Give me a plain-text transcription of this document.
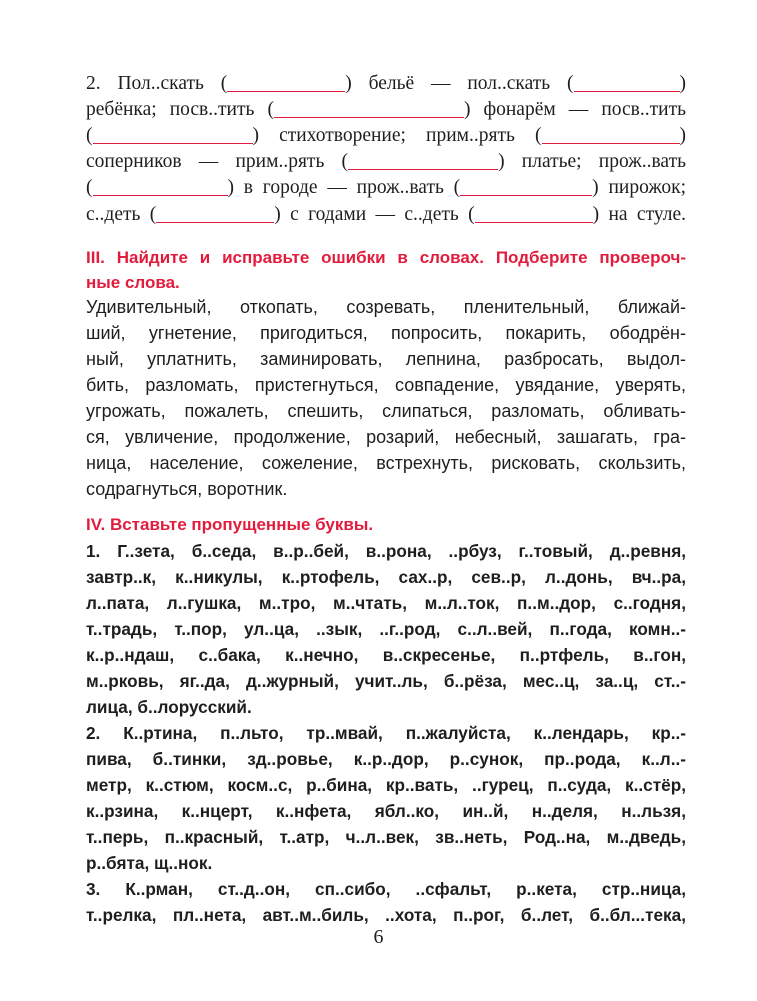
2. Пол..скать (	) бельё — пол..скать (	)
ребёнка; посв..тить (	) фонарём — посв..тить
(	) стихотворение; прим..рять (	)
соперников — прим..рять (	) платье; прож..вать
(	) в городе — прож..вать (	) пирожок;
с..деть (	) с годами — с..деть (	) на стуле.
III. Найдите и исправьте ошибки в словах. Подберите провероч-
ные слова.
Удивительный, откопать, созревать, пленительный, ближай-
ший, угнетение, пригодиться, попросить, покарить, ободрён-
ный, уплатнить, заминировать, лепнина, разбросать, выдол-
бить, разломать, пристегнуться, совпадение, увядание, уверять,
угрожать, пожалеть, спешить, слипаться, разломать, обливать-
ся, увличение, продолжение, розарий, небесный, зашагать, гра-
ница, население, сожеление, встрехнуть, рисковать, скользить,
содрагнуться, воротник.
IV. Вставьте пропущенные буквы.
1. Г..зета, б..седа, в..р..бей, в..рона, ..рбуз, г..товый, д..ревня,
завтр..к, к..никулы, к..ртофель, сах..р, сев..р, л..донь, вч..ра,
л..пата, л..гушка, м..тро, м..чтать, м..л..ток, п..м..дор, с..годня,
т..традь, т..пор, ул..ца, ..зык, ..г..род, с..л..вей, п..года, комн..-
к..р..ндаш, с..бака, к..нечно, в..скресенье, п..ртфель, в..гон,
м..рковь, яг..да, д..журный, учит..ль, б..рёза, мес..ц, за..ц, ст..-
лица, б..лорусский.
2. К..ртина, п..льто, тр..мвай, п..жалуйста, к..лендарь, кр..-
пива, б..тинки, зд..ровье, к..р..дор, р..сунок, пр..рода, к..л..-
метр, к..стюм, косм..с, р..бина, кр..вать, ..гурец, п..суда, к..стёр,
к..рзина, к..нцерт, к..нфета, ябл..ко, ин..й, н..деля, н..льзя,
т..перь, п..красный, т..атр, ч..л..век, зв..неть, Род..на, м..дведь,
р..бята, щ..нок.
3. К..рман, ст..д..он, сп..сибо, ..сфальт, р..кета, стр..ница,
т..релка, пл..нета, авт..м..биль, ..хота, п..рог, б..лет, б..бл...тека,
6
